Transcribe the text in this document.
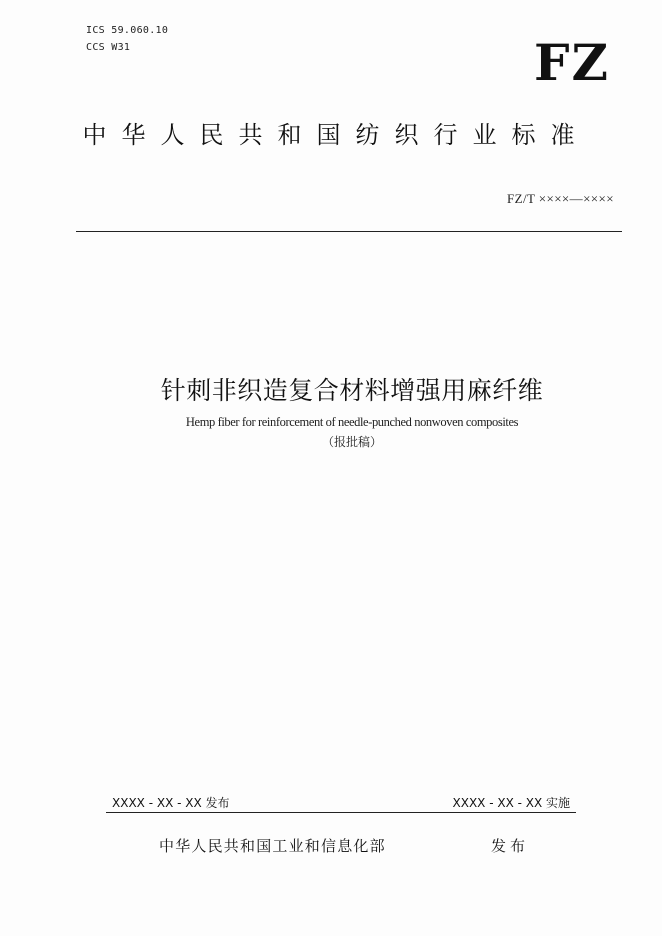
ICS 59.060.10
CCS W31	FZ
中华人民共和国纺织行业标准
FZ/T ××××—××××
针刺非织造复合材料增强用麻纤维
Hemp fiber for reinforcement of needle-punched nonwoven composites
（报批稿）
XXXX - XX - XX 发布	XXXX - XX - XX 实施
中华人民共和国工业和信息化部	发布
